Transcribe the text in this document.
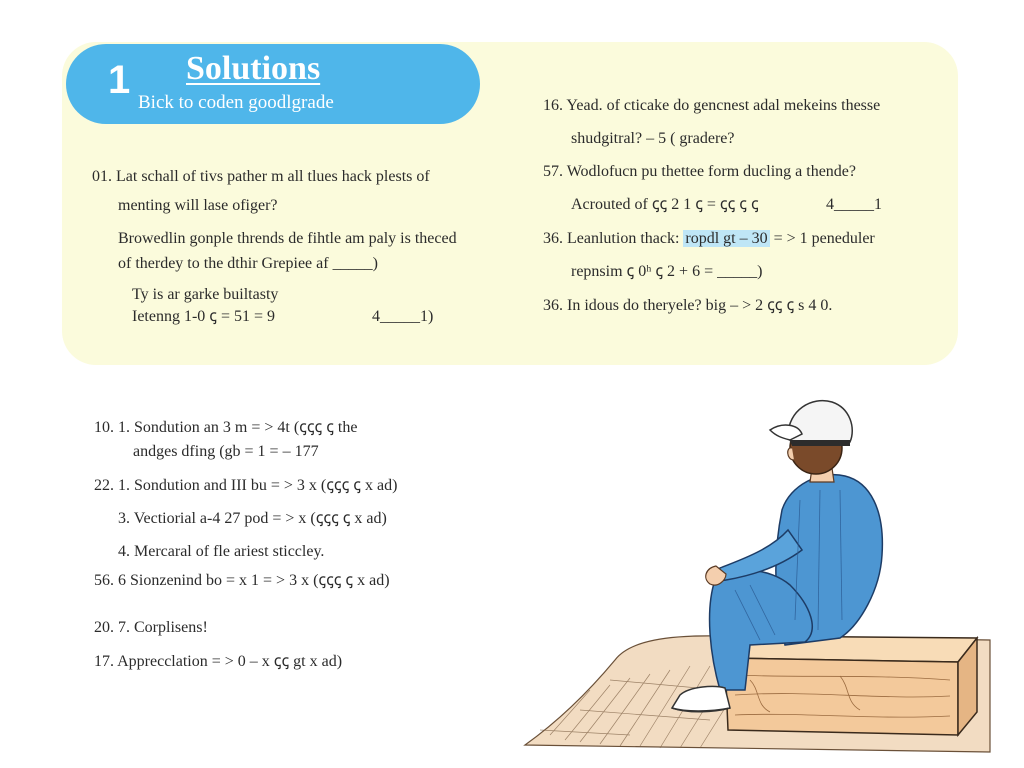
1 Solutions
Bick to coden goodlgrade
01. Lat schall of tivs pather m all tlues hack plests of
menting will lase ofiger?
Browedlin gonple thrends de fihtle am paly is theced
of therdey to the dthir Grepiee af _____)
Ty is ar garke builtasty
Ietenng 1-0 ꞔ = 51 = 9	4_____1)
16. Yead. of cticake do gencnest adal mekeins thesse
shudgitral? – 5 ( gradere?
57. Wodlofucn pu thettee form ducling a thende?
Acrouted of ꞔꞔ 2 1 ꞔ = ꞔꞔ ꞔ ꞔ	4_____1
36. Leanlution thack: ropdl gt – 30 = > 1 peneduler
repnsim ꞔ 0ʰ ꞔ 2 + 6 = _____)
36. In idous do theryele? big – > 2 ꞔꞔ ꞔ s 4 0.
10. 1. Sondution an 3 m = > 4t (ꞔꞔꞔ ꞔ the
andges dfing (gb = 1 = – 177
22. 1. Sondution and III bu = > 3 x (ꞔꞔꞔ ꞔ x ad)
3. Vectiorial a-4 27 pod = > x (ꞔꞔꞔ ꞔ x ad)
4. Mercaral of fle ariest sticcley.
56. 6 Sionzenind bo = x 1 = > 3 x (ꞔꞔꞔ ꞔ x ad)
20. 7. Corplisens!
17. Apprecclation = > 0 – x ꞔꞔ gt x ad)
